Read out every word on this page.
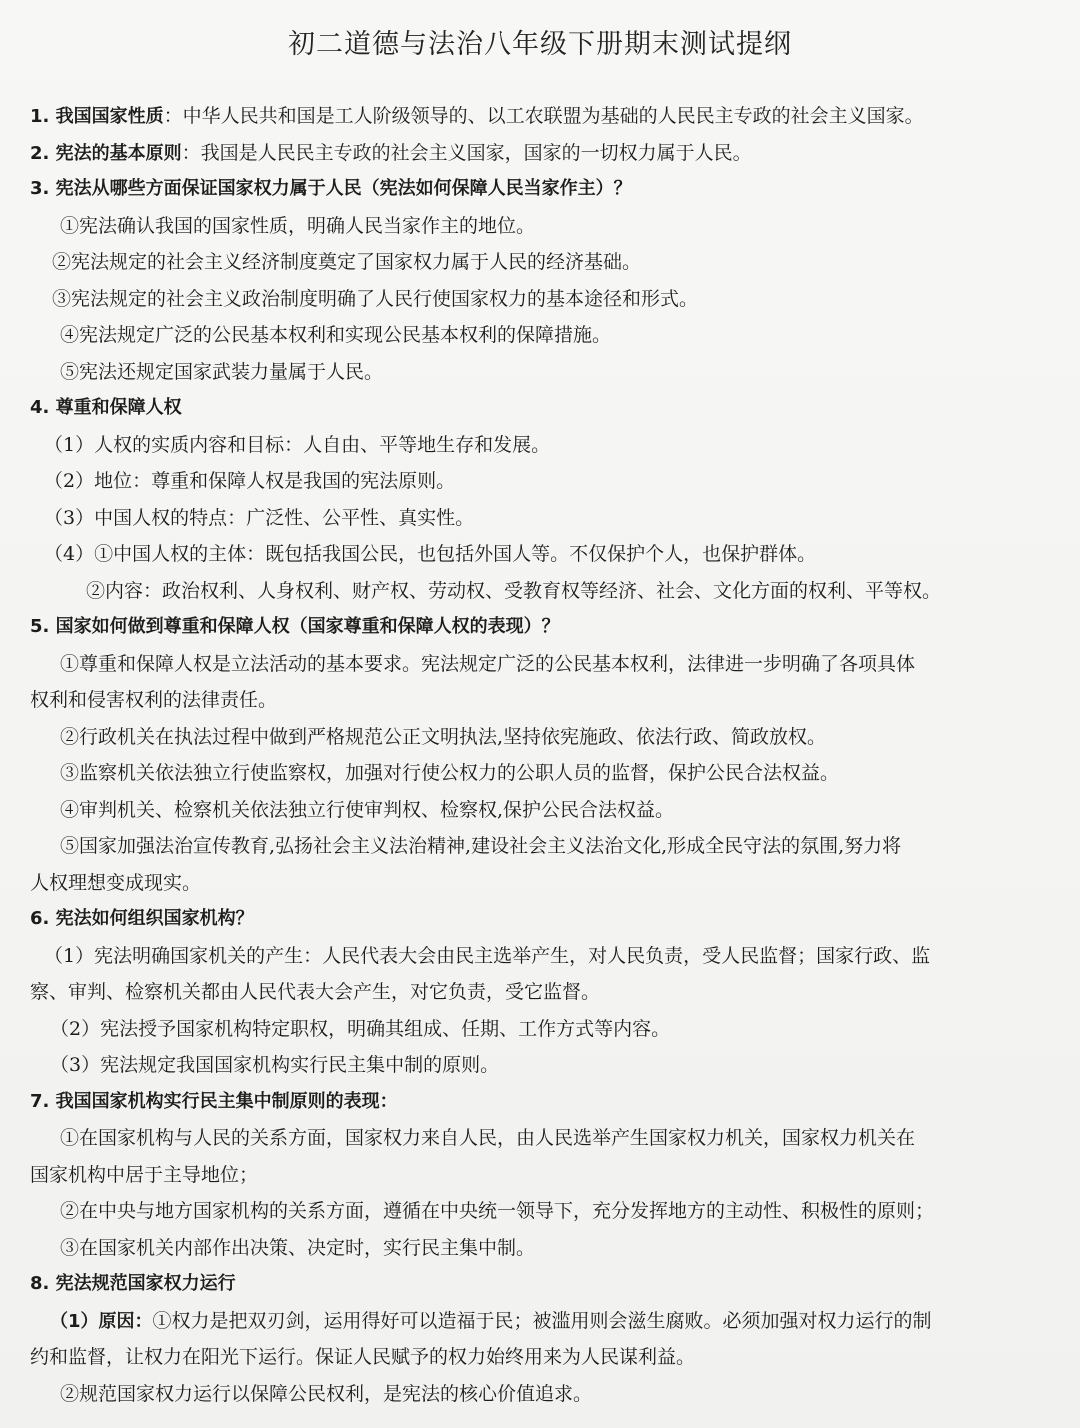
初二道德与法治八年级下册期末测试提纲
1. 我国国家性质：中华人民共和国是工人阶级领导的、以工农联盟为基础的人民民主专政的社会主义国家。
2. 宪法的基本原则：我国是人民民主专政的社会主义国家，国家的一切权力属于人民。
3. 宪法从哪些方面保证国家权力属于人民（宪法如何保障人民当家作主）？
①宪法确认我国的国家性质，明确人民当家作主的地位。
②宪法规定的社会主义经济制度奠定了国家权力属于人民的经济基础。
③宪法规定的社会主义政治制度明确了人民行使国家权力的基本途径和形式。
④宪法规定广泛的公民基本权利和实现公民基本权利的保障措施。
⑤宪法还规定国家武装力量属于人民。
4. 尊重和保障人权
（1）人权的实质内容和目标：人自由、平等地生存和发展。
（2）地位：尊重和保障人权是我国的宪法原则。
（3）中国人权的特点：广泛性、公平性、真实性。
（4）①中国人权的主体：既包括我国公民，也包括外国人等。不仅保护个人，也保护群体。
②内容：政治权利、人身权利、财产权、劳动权、受教育权等经济、社会、文化方面的权利、平等权。
5. 国家如何做到尊重和保障人权（国家尊重和保障人权的表现）？
①尊重和保障人权是立法活动的基本要求。宪法规定广泛的公民基本权利，法律进一步明确了各项具体
权利和侵害权利的法律责任。
②行政机关在执法过程中做到严格规范公正文明执法,坚持依宪施政、依法行政、简政放权。
③监察机关依法独立行使监察权，加强对行使公权力的公职人员的监督，保护公民合法权益。
④审判机关、检察机关依法独立行使审判权、检察权,保护公民合法权益。
⑤国家加强法治宣传教育,弘扬社会主义法治精神,建设社会主义法治文化,形成全民守法的氛围,努力将
人权理想变成现实。
6. 宪法如何组织国家机构？
（1）宪法明确国家机关的产生：人民代表大会由民主选举产生，对人民负责，受人民监督；国家行政、监
察、审判、检察机关都由人民代表大会产生，对它负责，受它监督。
（2）宪法授予国家机构特定职权，明确其组成、任期、工作方式等内容。
（3）宪法规定我国国家机构实行民主集中制的原则。
7. 我国国家机构实行民主集中制原则的表现：
①在国家机构与人民的关系方面，国家权力来自人民，由人民选举产生国家权力机关，国家权力机关在
国家机构中居于主导地位；
②在中央与地方国家机构的关系方面，遵循在中央统一领导下，充分发挥地方的主动性、积极性的原则；
③在国家机关内部作出决策、决定时，实行民主集中制。
8. 宪法规范国家权力运行
（1）原因：①权力是把双刃剑，运用得好可以造福于民；被滥用则会滋生腐败。必须加强对权力运行的制
约和监督，让权力在阳光下运行。保证人民赋予的权力始终用来为人民谋利益。
②规范国家权力运行以保障公民权利，是宪法的核心价值追求。
